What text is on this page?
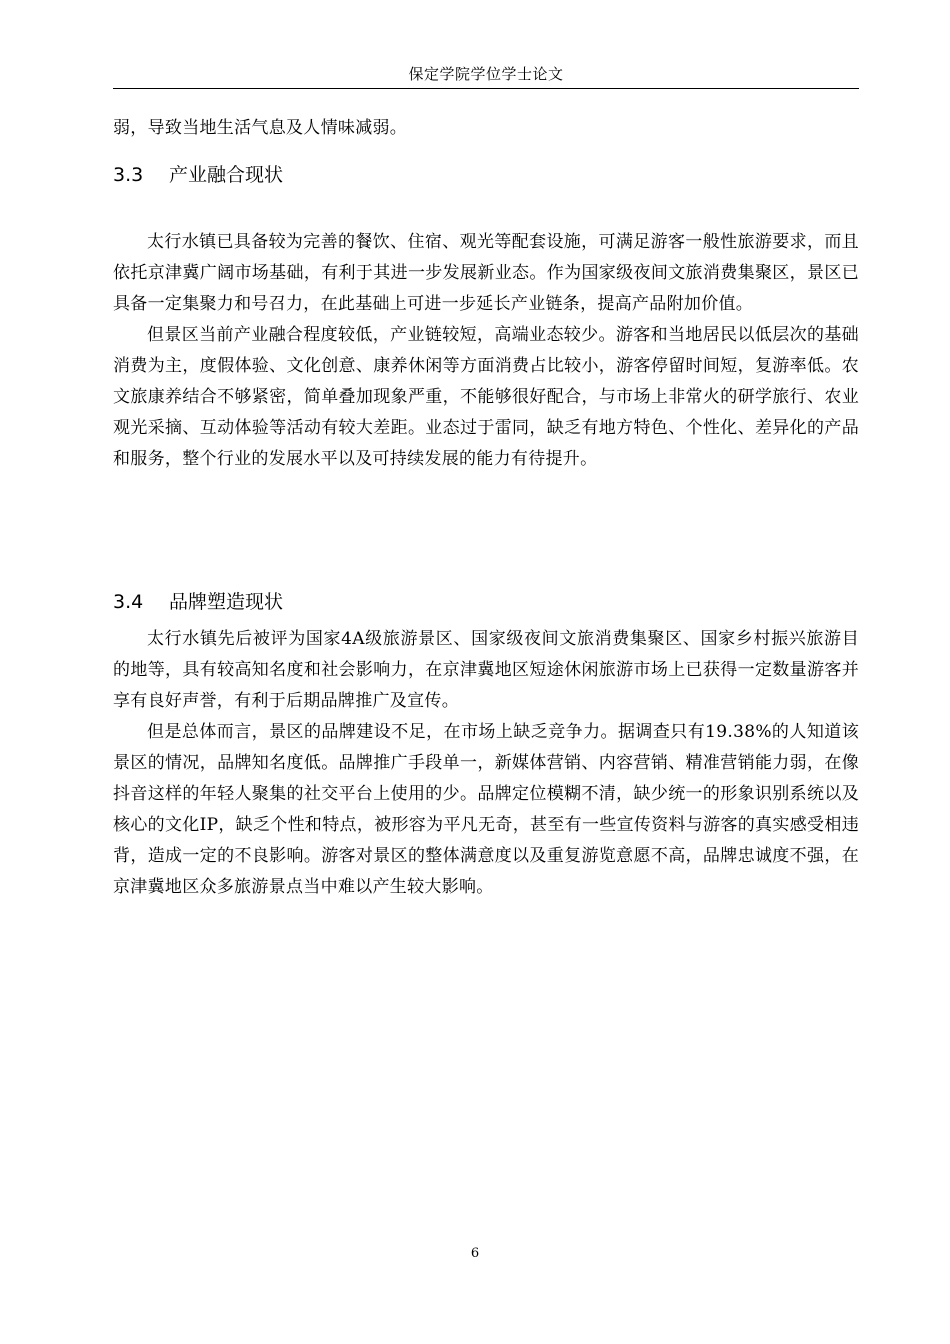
保定学院学位学士论文

弱，导致当地生活气息及人情味减弱。

3.3 产业融合现状

太行水镇已具备较为完善的餐饮、住宿、观光等配套设施，可满足游客一般性旅游要求，而且依托京津冀广阔市场基础，有利于其进一步发展新业态。作为国家级夜间文旅消费集聚区，景区已具备一定集聚力和号召力，在此基础上可进一步延长产业链条，提高产品附加价值。

但景区当前产业融合程度较低，产业链较短，高端业态较少。游客和当地居民以低层次的基础消费为主，度假体验、文化创意、康养休闲等方面消费占比较小，游客停留时间短，复游率低。农文旅康养结合不够紧密，简单叠加现象严重，不能够很好配合，与市场上非常火的研学旅行、农业观光采摘、互动体验等活动有较大差距。业态过于雷同，缺乏有地方特色、个性化、差异化的产品和服务，整个行业的发展水平以及可持续发展的能力有待提升。

3.4 品牌塑造现状

太行水镇先后被评为国家4A级旅游景区、国家级夜间文旅消费集聚区、国家乡村振兴旅游目的地等，具有较高知名度和社会影响力，在京津冀地区短途休闲旅游市场上已获得一定数量游客并享有良好声誉，有利于后期品牌推广及宣传。

但是总体而言，景区的品牌建设不足，在市场上缺乏竞争力。据调查只有19.38%的人知道该景区的情况，品牌知名度低。品牌推广手段单一，新媒体营销、内容营销、精准营销能力弱，在像抖音这样的年轻人聚集的社交平台上使用的少。品牌定位模糊不清，缺少统一的形象识别系统以及核心的文化IP，缺乏个性和特点，被形容为平凡无奇，甚至有一些宣传资料与游客的真实感受相违背，造成一定的不良影响。游客对景区的整体满意度以及重复游览意愿不高，品牌忠诚度不强，在京津冀地区众多旅游景点当中难以产生较大影响。

6
